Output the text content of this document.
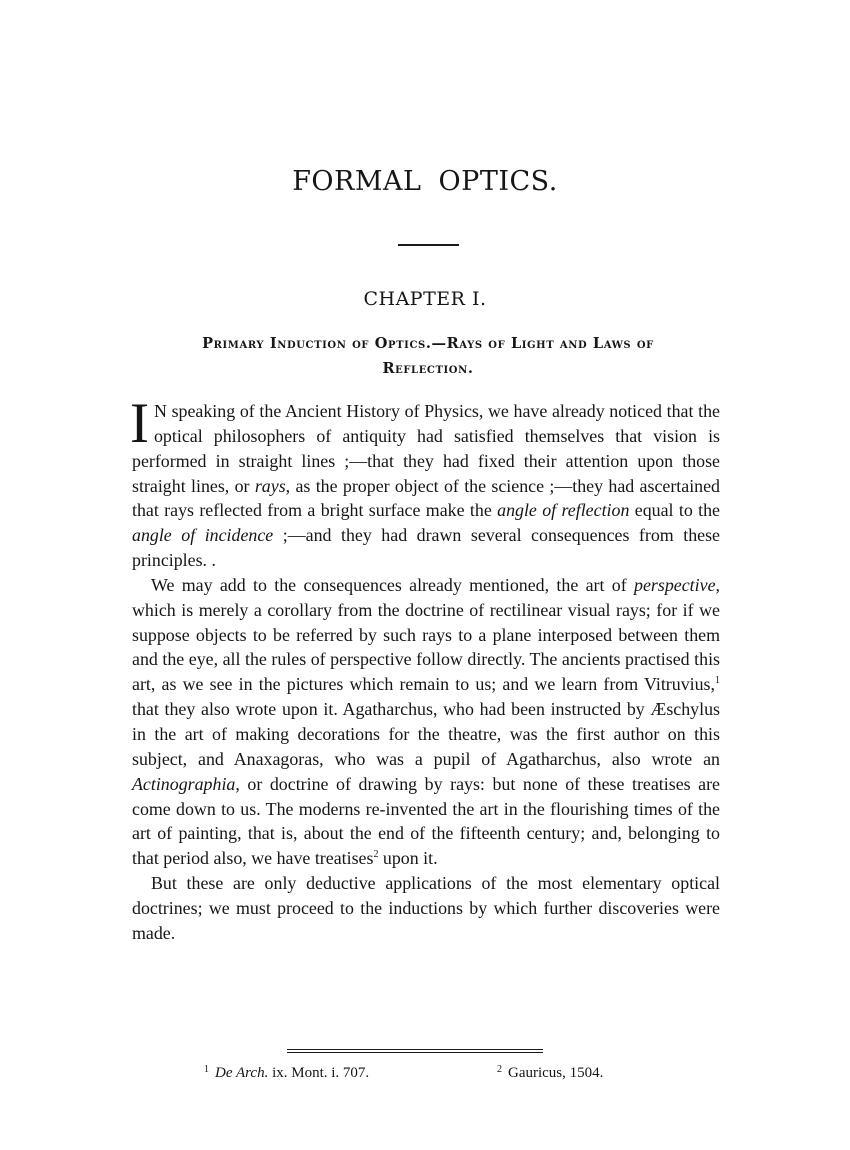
FORMAL OPTICS.
CHAPTER I.
Primary Induction of Optics.—Rays of Light and Laws of
Reflection.

I N speaking of the Ancient History of Physics, we have already noticed that the optical philosophers of antiquity had satisfied themselves that vision is performed in straight lines ;—that they had fixed their attention upon those straight lines, or rays, as the proper object of the science ;—they had ascertained that rays reflected from a bright surface make the angle of reflection equal to the angle of incidence ;—and they had drawn several consequences from these principles. .

We may add to the consequences already mentioned, the art of perspective, which is merely a corollary from the doctrine of rectilinear visual rays; for if we suppose objects to be referred by such rays to a plane interposed between them and the eye, all the rules of perspective follow directly. The ancients practised this art, as we see in the pictures which remain to us; and we learn from Vitruvius,$^1$ that they also wrote upon it. Agatharchus, who had been instructed by Æschylus in the art of making decorations for the theatre, was the first author on this subject, and Anaxagoras, who was a pupil of Agatharchus, also wrote an Actinographia, or doctrine of drawing by rays: but none of these treatises are come down to us. The moderns re-invented the art in the flourishing times of the art of painting, that is, about the end of the fifteenth century; and, belonging to that period also, we have treatises$^2$ upon it.

But these are only deductive applications of the most elementary optical doctrines; we must proceed to the inductions by which further discoveries were made.

$^1$ De Arch. ix. Mont. i. 707.	$^2$ Gauricus, 1504.
